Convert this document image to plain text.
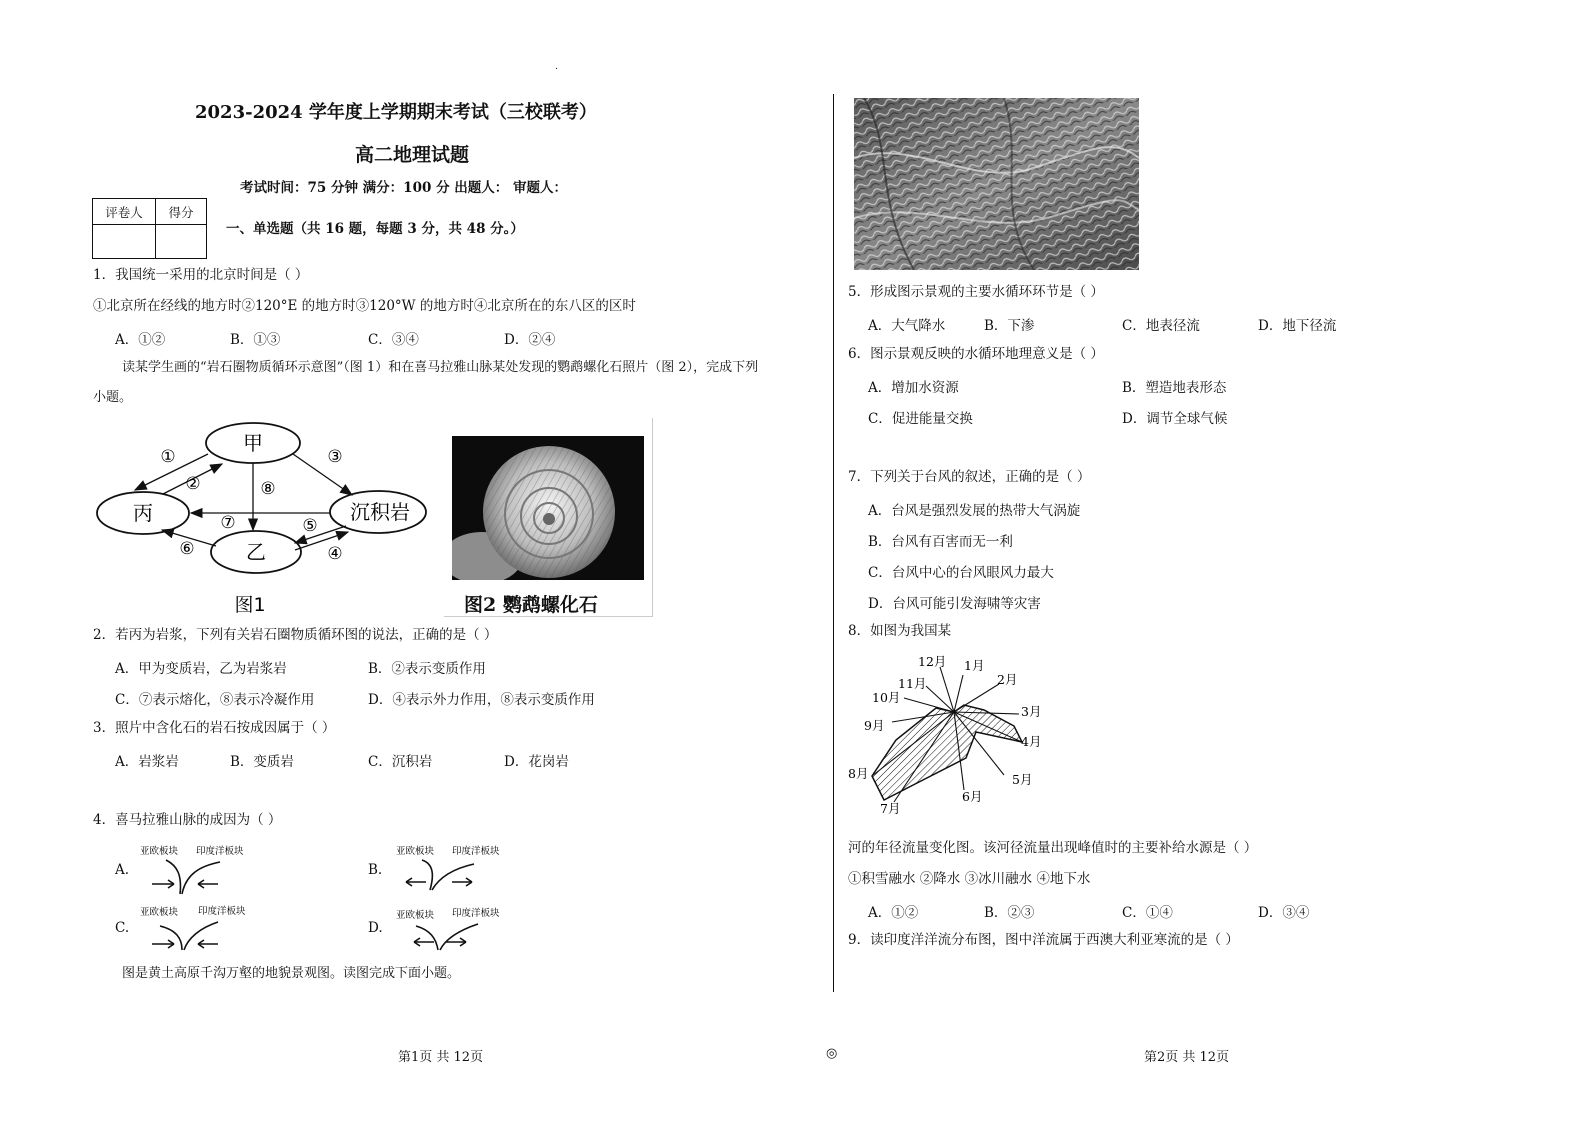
.
2023-2024 学年度上学期期末考试（三校联考）
高二地理试题
考试时间：75 分钟 满分：100 分 出题人： 审题人：
评卷人	得分

一、单选题（共 16 题，每题 3 分，共 48 分。）
1．我国统一采用的北京时间是（ ）
①北京所在经线的地方时②120°E 的地方时③120°W 的地方时④北京所在的东八区的区时
A．①②	B．①③	C．③④	D．②④
读某学生画的“岩石圈物质循环示意图”（图 1）和在喜马拉雅山脉某处发现的鹦鹉螺化石照片（图 2），完成下列
小题。
甲
丙
乙
沉积岩
①
②
③
⑧
⑦	⑤
④
⑥
图1	图2 鹦鹉螺化石
2．若丙为岩浆，下列有关岩石圈物质循环图的说法，正确的是（ ）
A．甲为变质岩，乙为岩浆岩	B．②表示变质作用
C．⑦表示熔化，⑧表示冷凝作用	D．④表示外力作用，⑧表示变质作用
3．照片中含化石的岩石按成因属于（ ）
A．岩浆岩	B．变质岩	C．沉积岩	D．花岗岩
4．喜马拉雅山脉的成因为（ ）
A.
亚欧板块 印度洋板块
B.
亚欧板块 印度洋板块
C.
亚欧板块 印度洋板块
D.
亚欧板块 印度洋板块
图是黄土高原千沟万壑的地貌景观图。读图完成下面小题。
第1页 共 12页	◎
5．形成图示景观的主要水循环环节是（ ）
A．大气降水	B．下渗	C．地表径流	D．地下径流
6．图示景观反映的水循环地理意义是（ ）
A．增加水资源	B．塑造地表形态
C．促进能量交换	D．调节全球气候
7．下列关于台风的叙述，正确的是（ ）
A．台风是强烈发展的热带大气涡旋
B．台风有百害而无一利
C．台风中心的台风眼风力最大
D．台风可能引发海啸等灾害
8．如图为我国某
1月
2月
3月
4月
5月
6月
7月
8月
9月
10月
11月
12月
河的年径流量变化图。该河径流量出现峰值时的主要补给水源是（ ）
①积雪融水 ②降水 ③冰川融水 ④地下水
A．①②	B．②③	C．①④	D．③④
9．读印度洋洋流分布图，图中洋流属于西澳大利亚寒流的是（ ）
第2页 共 12页
